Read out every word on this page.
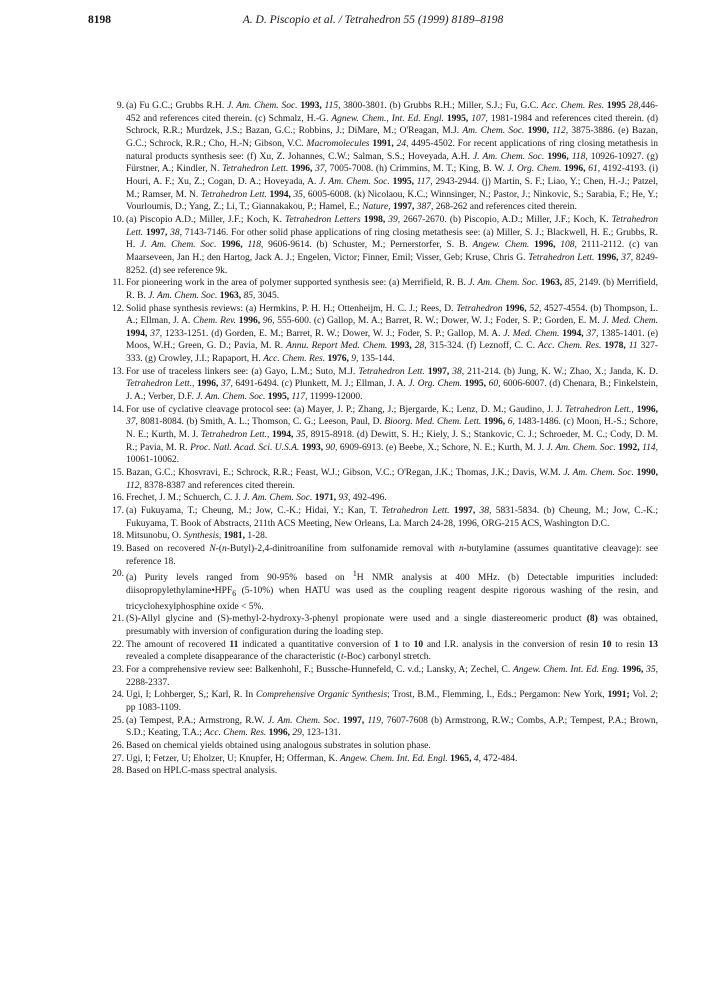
8198	A. D. Piscopio et al. / Tetrahedron 55 (1999) 8189–8198
9. (a) Fu G.C.; Grubbs R.H. J. Am. Chem. Soc. 1993, 115, 3800-3801. (b) Grubbs R.H.; Miller, S.J.; Fu, G.C. Acc. Chem. Res. 1995 28,446-452 and references cited therein. (c) Schmalz, H.-G. Agnew. Chem., Int. Ed. Engl. 1995, 107, 1981-1984 and references cited therein. (d) Schrock, R.R.; Murdzek, J.S.; Bazan, G.C.; Robbins, J.; DiMare, M.; O'Reagan, M.J. Am. Chem. Soc. 1990, 112, 3875-3886. (e) Bazan, G.C.; Schrock, R.R.; Cho, H.-N; Gibson, V.C. Macromolecules 1991, 24, 4495-4502. For recent applications of ring closing metathesis in natural products synthesis see: (f) Xu, Z. Johannes, C.W.; Salman, S.S.; Hoveyada, A.H. J. Am. Chem. Soc. 1996, 118, 10926-10927. (g) Fürstner, A.; Kindler, N. Tetrahedron Lett. 1996, 37, 7005-7008. (h) Crimmins, M. T.; King, B. W. J. Org. Chem. 1996, 61, 4192-4193. (i) Houri, A. F.; Xu, Z.; Cogan, D. A.; Hoveyada, A. J. Am. Chem. Soc. 1995, 117, 2943-2944. (j) Martin, S. F.; Liao, Y.; Chen, H.-J.; Patzel, M.; Ramser, M. N. Tetrahedron Lett. 1994, 35, 6005-6008. (k) Nicolaou, K.C.; Winnsinger, N.; Pastor, J.; Ninkovic, S.; Sarabia, F.; He, Y.; Vourloumis, D.; Yang, Z.; Li, T.; Giannakakou, P.; Hamel, E.; Nature, 1997, 387, 268-262 and references cited therein.
10. (a) Piscopio A.D.; Miller, J.F.; Koch, K. Tetrahedron Letters 1998, 39, 2667-2670. (b) Piscopio, A.D.; Miller, J.F.; Koch, K. Tetrahedron Lett. 1997, 38, 7143-7146. For other solid phase applications of ring closing metathesis see: (a) Miller, S. J.; Blackwell, H. E.; Grubbs, R. H. J. Am. Chem. Soc. 1996, 118, 9606-9614. (b) Schuster, M.; Pernerstorfer, S. B. Angew. Chem. 1996, 108, 2111-2112. (c) van Maarseveen, Jan H.; den Hartog, Jack A. J.; Engelen, Victor; Finner, Emil; Visser, Geb; Kruse, Chris G. Tetrahedron Lett. 1996, 37, 8249-8252. (d) see reference 9k.
11. For pioneering work in the area of polymer supported synthesis see: (a) Merrifield, R. B. J. Am. Chem. Soc. 1963, 85, 2149. (b) Merrifield, R. B. J. Am. Chem. Soc. 1963, 85, 3045.
12. Solid phase synthesis reviews: (a) Hermkins, P. H. H.; Ottenheijm, H. C. J.; Rees, D. Tetrahedron 1996, 52, 4527-4554. (b) Thompson, L. A.; Ellman, J. A. Chem. Rev. 1996, 96, 555-600. (c) Gallop, M. A.; Barret, R. W.; Dower, W. J.; Foder, S. P.; Gorden, E. M. J. Med. Chem. 1994, 37, 1233-1251. (d) Gorden, E. M.; Barret, R. W.; Dower, W. J.; Foder, S. P.; Gallop, M. A. J. Med. Chem. 1994, 37, 1385-1401. (e) Moos, W.H.; Green, G. D.; Pavia, M. R. Annu. Report Med. Chem. 1993, 28, 315-324. (f) Leznoff, C. C. Acc. Chem. Res. 1978, 11 327-333. (g) Crowley, J.I.; Rapaport, H. Acc. Chem. Res. 1976, 9, 135-144.
13. For use of traceless linkers see: (a) Gayo, L.M.; Suto, M.J. Tetrahedron Lett. 1997, 38, 211-214. (b) Jung, K. W.; Zhao, X.; Janda, K. D. Tetrahedron Lett., 1996, 37, 6491-6494. (c) Plunkett, M. J.; Ellman, J. A. J. Org. Chem. 1995, 60, 6006-6007. (d) Chenara, B.; Finkelstein, J. A.; Verber, D.F. J. Am. Chem. Soc. 1995, 117, 11999-12000.
14. For use of cyclative cleavage protocol see: (a) Mayer, J. P.; Zhang, J.; Bjergarde, K.; Lenz, D. M.; Gaudino, J. J. Tetrahedron Lett., 1996, 37, 8081-8084. (b) Smith, A. L.; Thomson, C. G.; Leeson, Paul, D. Bioorg. Med. Chem. Lett. 1996, 6, 1483-1486. (c) Moon, H.-S.; Schore, N. E.; Kurth, M. J. Tetrahedron Lett., 1994, 35, 8915-8918. (d) Dewitt, S. H.; Kiely, J. S.; Stankovic, C. J.; Schroeder, M. C.; Cody, D. M. R.; Pavia, M. R. Proc. Natl. Acad. Sci. U.S.A. 1993, 90, 6909-6913. (e) Beebe, X.; Schore, N. E.; Kurth, M. J. J. Am. Chem. Soc. 1992, 114, 10061-10062.
15. Bazan, G.C.; Khosvravi, E.; Schrock, R.R.; Feast, W.J.; Gibson, V.C.; O'Regan, J.K.; Thomas, J.K.; Davis, W.M. J. Am. Chem. Soc. 1990, 112, 8378-8387 and references cited therein.
16. Frechet, J. M.; Schuerch, C. J. J. Am. Chem. Soc. 1971, 93, 492-496.
17. (a) Fukuyama, T.; Cheung, M.; Jow, C.-K.; Hidai, Y.; Kan, T. Tetrahedron Lett. 1997, 38, 5831-5834. (b) Cheung, M.; Jow, C.-K.; Fukuyama, T. Book of Abstracts, 211th ACS Meeting, New Orleans, La. March 24-28, 1996, ORG-215 ACS, Washington D.C.
18. Mitsunobu, O. Synthesis, 1981, 1-28.
19. Based on recovered N-(n-Butyl)-2,4-dinitroaniline from sulfonamide removal with n-butylamine (assumes quantitative cleavage): see reference 18.
20. (a) Purity levels ranged from 90-95% based on $^1$H NMR analysis at 400 MHz. (b) Detectable impurities included: $diisopropylethylamine•HPF_6$ (5-10%) when HATU was used as the coupling reagent despite rigorous washing of the resin, and tricyclohexylphosphine oxide < 5%.
21. (S)-Allyl glycine and (S)-methyl-2-hydroxy-3-phenyl propionate were used and a single diastereomeric product (8) was obtained, presumably with inversion of configuration during the loading step.
22. The amount of recovered 11 indicated a quantitative conversion of 1 to 10 and I.R. analysis in the conversion of resin 10 to resin 13 revealed a complete disappearance of the characteristic (t-Boc) carbonyl stretch.
23. For a comprehensive review see: Balkenhohl, F.; Bussche-Hunnefeld, C. v.d.; Lansky, A; Zechel, C. Angew. Chem. Int. Ed. Eng. 1996, 35, 2288-2337.
24. Ugi, I; Lohberger, S,; Karl, R. In Comprehensive Organic Synthesis; Trost, B.M., Flemming, I., Eds.; Pergamon: New York, 1991; Vol. 2; pp 1083-1109.
25. (a) Tempest, P.A.; Armstrong, R.W. J. Am. Chem. Soc. 1997, 119, 7607-7608 (b) Armstrong, R.W.; Combs, A.P.; Tempest, P.A.; Brown, S.D.; Keating, T.A.; Acc. Chem. Res. 1996, 29, 123-131.
26. Based on chemical yields obtained using analogous substrates in solution phase.
27. Ugi, I; Fetzer, U; Eholzer, U; Knupfer, H; Offerman, K. Angew. Chem. Int. Ed. Engl. 1965, 4, 472-484.
28. Based on HPLC-mass spectral analysis.
